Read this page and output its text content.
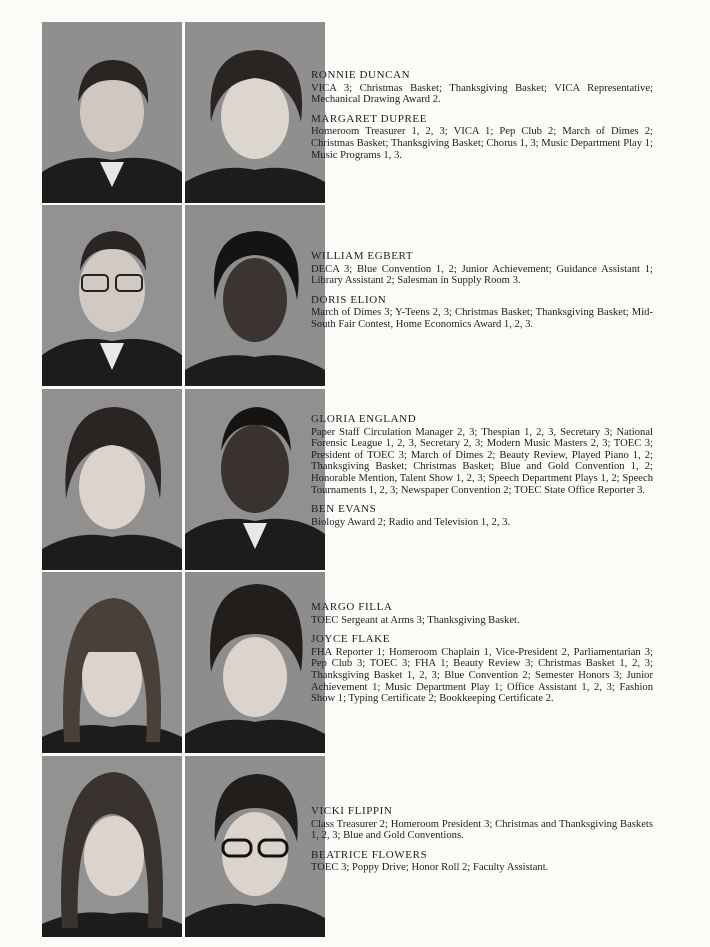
RONNIE DUNCAN
VICA 3; Christmas Basket; Thanksgiving Basket; VICA Representative; Mechanical Drawing Award 2.
MARGARET DUPREE
Homeroom Treasurer 1, 2, 3; VICA 1; Pep Club 2; March of Dimes 2; Christmas Basket; Thanksgiving Basket; Chorus 1, 3; Music Department Play 1; Music Programs 1, 3.
WILLIAM EGBERT
DECA 3; Blue Convention 1, 2; Junior Achievement; Guidance Assistant 1; Library Assistant 2; Salesman in Supply Room 3.
DORIS ELION
March of Dimes 3; Y-Teens 2, 3; Christmas Basket; Thanksgiving Basket; Mid-South Fair Contest, Home Economics Award 1, 2, 3.
GLORIA ENGLAND
Paper Staff Circulation Manager 2, 3; Thespian 1, 2, 3, Secretary 3; National Forensic League 1, 2, 3, Secretary 2, 3; Modern Music Masters 2, 3; TOEC 3; President of TOEC 3; March of Dimes 2; Beauty Review, Played Piano 1, 2; Thanksgiving Basket; Christmas Basket; Blue and Gold Convention 1, 2; Honorable Mention, Talent Show 1, 2, 3; Speech Department Plays 1, 2; Speech Tournaments 1, 2, 3; Newspaper Convention 2; TOEC State Office Reporter 3.
BEN EVANS
Biology Award 2; Radio and Television 1, 2, 3.
MARGO FILLA
TOEC Sergeant at Arms 3; Thanksgiving Basket.
JOYCE FLAKE
FHA Reporter 1; Homeroom Chaplain 1, Vice-President 2, Parliamentarian 3; Pep Club 3; TOEC 3; FHA 1; Beauty Review 3; Christmas Basket 1, 2, 3; Thanksgiving Basket 1, 2, 3; Blue Convention 2; Semester Honors 3; Junior Achievement 1; Music Department Play 1; Office Assistant 1, 2, 3; Fashion Show 1; Typing Certificate 2; Bookkeeping Certificate 2.
VICKI FLIPPIN
Class Treasurer 2; Homeroom President 3; Christmas and Thanksgiving Baskets 1, 2, 3; Blue and Gold Conventions.
BEATRICE FLOWERS
TOEC 3; Poppy Drive; Honor Roll 2; Faculty Assistant.
